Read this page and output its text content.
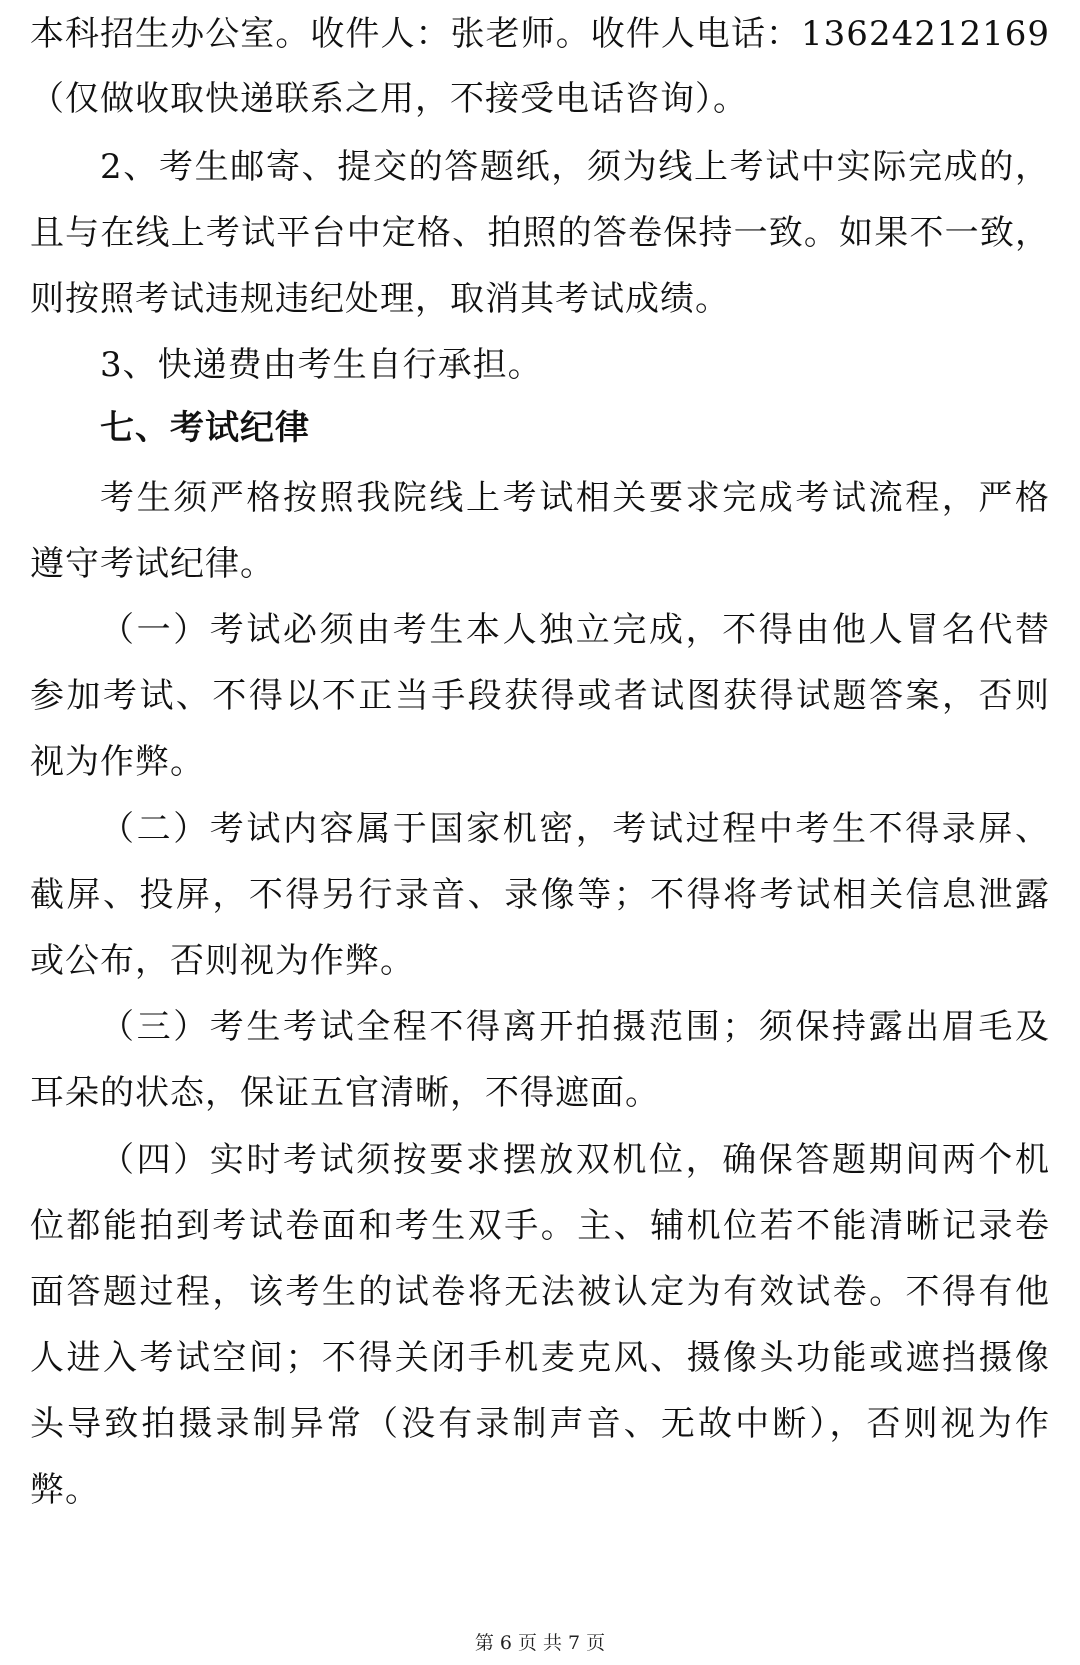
本科招生办公室。收件人：张老师。收件人电话：13624212169
（仅做收取快递联系之用，不接受电话咨询）。
2、考生邮寄、提交的答题纸，须为线上考试中实际完成的，
且与在线上考试平台中定格、拍照的答卷保持一致。如果不一致，
则按照考试违规违纪处理，取消其考试成绩。
3、快递费由考生自行承担。
七、考试纪律
考生须严格按照我院线上考试相关要求完成考试流程，严格
遵守考试纪律。
（一）考试必须由考生本人独立完成，不得由他人冒名代替
参加考试、不得以不正当手段获得或者试图获得试题答案，否则
视为作弊。
（二）考试内容属于国家机密，考试过程中考生不得录屏、
截屏、投屏，不得另行录音、录像等；不得将考试相关信息泄露
或公布，否则视为作弊。
（三）考生考试全程不得离开拍摄范围；须保持露出眉毛及
耳朵的状态，保证五官清晰，不得遮面。
（四）实时考试须按要求摆放双机位，确保答题期间两个机
位都能拍到考试卷面和考生双手。主、辅机位若不能清晰记录卷
面答题过程，该考生的试卷将无法被认定为有效试卷。不得有他
人进入考试空间；不得关闭手机麦克风、摄像头功能或遮挡摄像
头导致拍摄录制异常（没有录制声音、无故中断），否则视为作
弊。
第 6 页 共 7 页
